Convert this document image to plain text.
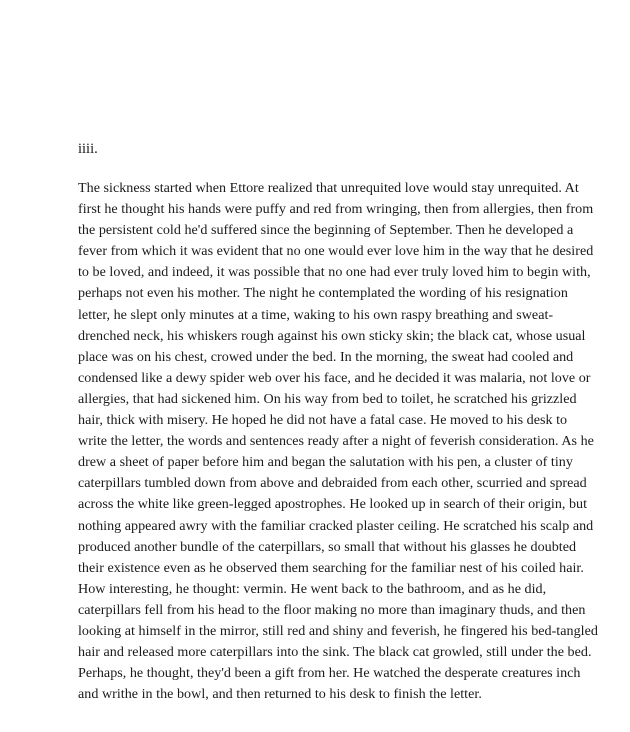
iiii.

The sickness started when Ettore realized that unrequited love would stay unrequited. At first he thought his hands were puffy and red from wringing, then from allergies, then from the persistent cold he'd suffered since the beginning of September. Then he developed a fever from which it was evident that no one would ever love him in the way that he desired to be loved, and indeed, it was possible that no one had ever truly loved him to begin with, perhaps not even his mother. The night he contemplated the wording of his resignation letter, he slept only minutes at a time, waking to his own raspy breathing and sweat-drenched neck, his whiskers rough against his own sticky skin; the black cat, whose usual place was on his chest, crowed under the bed. In the morning, the sweat had cooled and condensed like a dewy spider web over his face, and he decided it was malaria, not love or allergies, that had sickened him. On his way from bed to toilet, he scratched his grizzled hair, thick with misery. He hoped he did not have a fatal case. He moved to his desk to write the letter, the words and sentences ready after a night of feverish consideration. As he drew a sheet of paper before him and began the salutation with his pen, a cluster of tiny caterpillars tumbled down from above and debraided from each other, scurried and spread across the white like green-legged apostrophes. He looked up in search of their origin, but nothing appeared awry with the familiar cracked plaster ceiling. He scratched his scalp and produced another bundle of the caterpillars, so small that without his glasses he doubted their existence even as he observed them searching for the familiar nest of his coiled hair. How interesting, he thought: vermin. He went back to the bathroom, and as he did, caterpillars fell from his head to the floor making no more than imaginary thuds, and then looking at himself in the mirror, still red and shiny and feverish, he fingered his bed-tangled hair and released more caterpillars into the sink. The black cat growled, still under the bed. Perhaps, he thought, they'd been a gift from her. He watched the desperate creatures inch and writhe in the bowl, and then returned to his desk to finish the letter.
